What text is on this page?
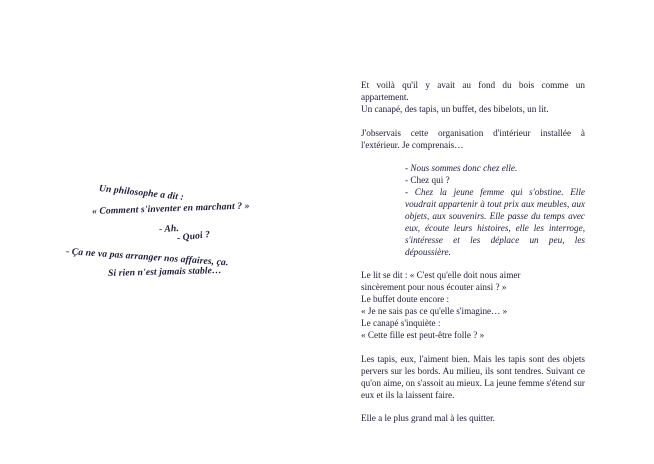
Un philosophe a dit :
« Comment s'inventer en marchant ? »
- Ah.
- Quoi ?
- Ça ne va pas arranger nos affaires, ça.
Si rien n'est jamais stable…

Et voilà qu'il y avait au fond du bois comme un appartement.
Un canapé, des tapis, un buffet, des bibelots, un lit.

J'observais cette organisation d'intérieur installée à l'extérieur. Je comprenais…

- Nous sommes donc chez elle.
- Chez qui ?
- Chez la jeune femme qui s'obstine. Elle voudrait appartenir à tout prix aux meubles, aux objets, aux souvenirs. Elle passe du temps avec eux, écoute leurs histoires, elle les interroge, s'intéresse et les déplace un peu, les dépoussière.

Le lit se dit : « C'est qu'elle doit nous aimer
sincèrement pour nous écouter ainsi ? »
Le buffet doute encore :
« Je ne sais pas ce qu'elle s'imagine… »
Le canapé s'inquiète :
« Cette fille est peut-être folle ? »

Les tapis, eux, l'aiment bien. Mais les tapis sont des objets pervers sur les bords. Au milieu, ils sont tendres. Suivant ce qu'on aime, on s'assoit au mieux. La jeune femme s'étend sur eux et ils la laissent faire.

Elle a le plus grand mal à les quitter.
